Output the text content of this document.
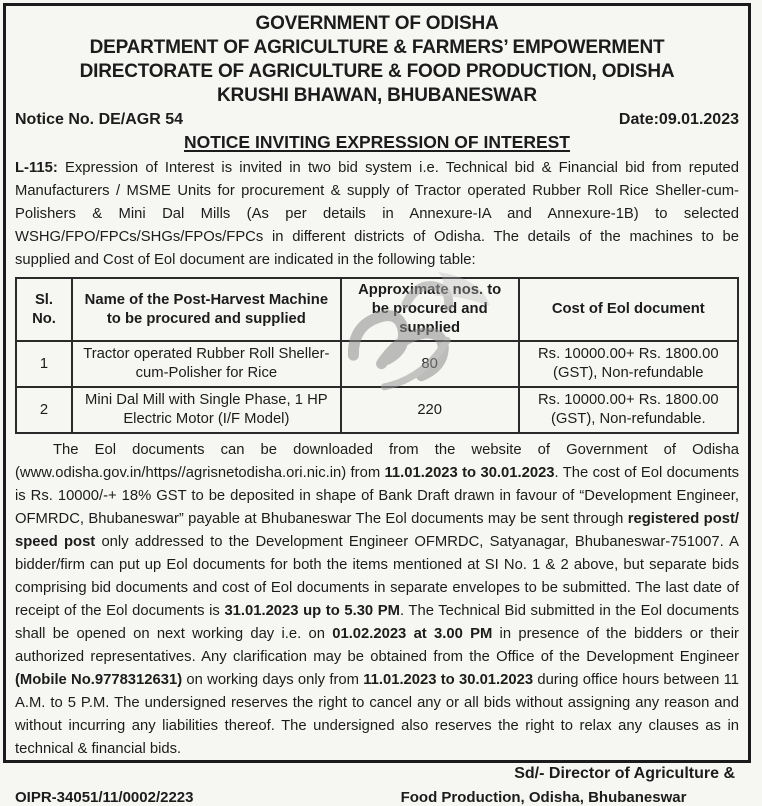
GOVERNMENT OF ODISHA
DEPARTMENT OF AGRICULTURE & FARMERS’ EMPOWERMENT
DIRECTORATE OF AGRICULTURE & FOOD PRODUCTION, ODISHA
KRUSHI BHAWAN, BHUBANESWAR
Notice No. DE/AGR 54	Date:09.01.2023
NOTICE INVITING EXPRESSION OF INTEREST
L-115: Expression of Interest is invited in two bid system i.e. Technical bid & Financial bid from reputed Manufacturers / MSME Units for procurement & supply of Tractor operated Rubber Roll Rice Sheller-cum-Polishers & Mini Dal Mills (As per details in Annexure-IA and Annexure-1B) to selected WSHG/FPO/FPCs/SHGs/FPOs/FPCs in different districts of Odisha. The details of the machines to be supplied and Cost of Eol document are indicated in the following table:
Sl. No.	Name of the Post-Harvest Machine to be procured and supplied	Approximate nos. to be procured and supplied	Cost of Eol document
1	Tractor operated Rubber Roll Sheller-cum-Polisher for Rice	80	Rs. 10000.00+ Rs. 1800.00 (GST), Non-refundable
2	Mini Dal Mill with Single Phase, 1 HP Electric Motor (I/F Model)	220	Rs. 10000.00+ Rs. 1800.00 (GST), Non-refundable.
The Eol documents can be downloaded from the website of Government of Odisha (www.odisha.gov.in/https//agrisnetodisha.ori.nic.in) from 11.01.2023 to 30.01.2023. The cost of Eol documents is Rs. 10000/-+ 18% GST to be deposited in shape of Bank Draft drawn in favour of “Development Engineer, OFMRDC, Bhubaneswar” payable at Bhubaneswar The Eol documents may be sent through registered post/ speed post only addressed to the Development Engineer OFMRDC, Satyanagar, Bhubaneswar-751007. A bidder/firm can put up Eol documents for both the items mentioned at SI No. 1 & 2 above, but separate bids comprising bid documents and cost of Eol documents in separate envelopes to be submitted. The last date of receipt of the Eol documents is 31.01.2023 up to 5.30 PM. The Technical Bid submitted in the Eol documents shall be opened on next working day i.e. on 01.02.2023 at 3.00 PM in presence of the bidders or their authorized representatives. Any clarification may be obtained from the Office of the Development Engineer (Mobile No.9778312631) on working days only from 11.01.2023 to 30.01.2023 during office hours between 11 A.M. to 5 P.M. The undersigned reserves the right to cancel any or all bids without assigning any reason and without incurring any liabilities thereof. The undersigned also reserves the right to relax any clauses as in technical & financial bids.
Sd/- Director of Agriculture &
OIPR-34051/11/0002/2223	Food Production, Odisha, Bhubaneswar
